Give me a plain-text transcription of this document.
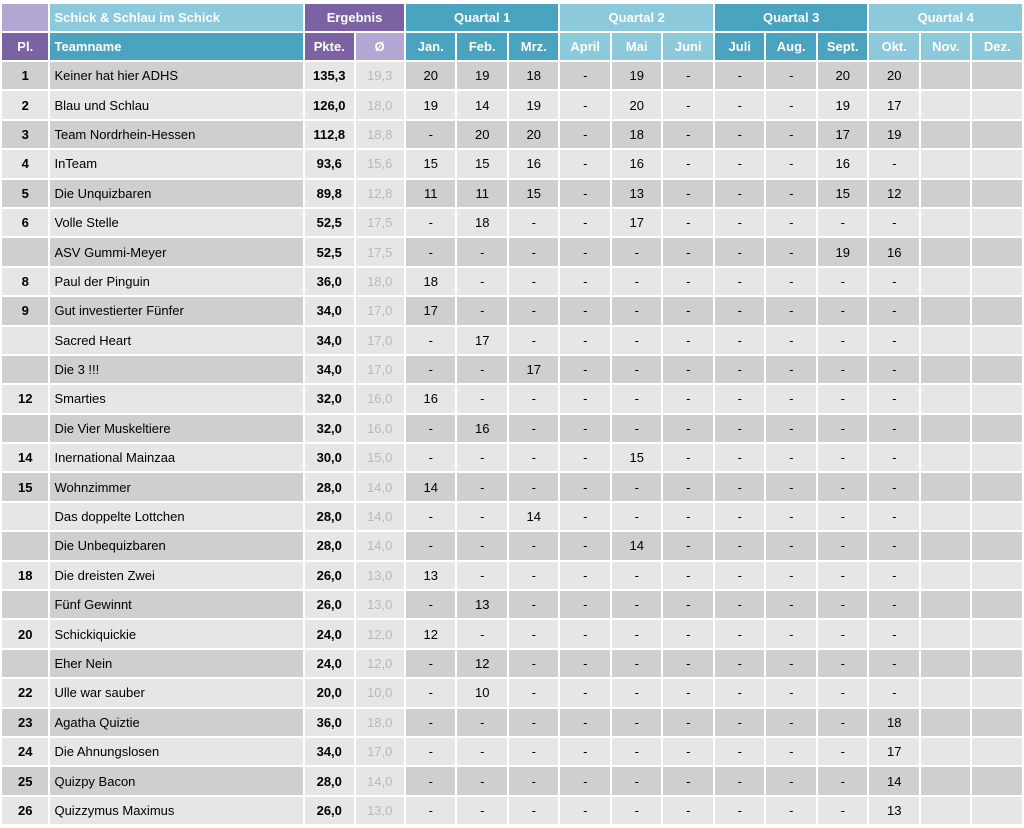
	Schick & Schlau im Schick	Ergebnis		Quartal 1			Quartal 2			Quartal 3			Quartal 4		
Pl.	Teamname	Pkte.	Ø	Jan.	Feb.	Mrz.	April	Mai	Juni	Juli	Aug.	Sept.	Okt.	Nov.	Dez.
1	Keiner hat hier ADHS	135,3	19,3	20	19	18	-	19	-	-	-	20	20		
2	Blau und Schlau	126,0	18,0	19	14	19	-	20	-	-	-	19	17		
3	Team Nordrhein-Hessen	112,8	18,8	-	20	20	-	18	-	-	-	17	19		
4	InTeam	93,6	15,6	15	15	16	-	16	-	-	-	16	-		
5	Die Unquizbaren	89,8	12,8	11	11	15	-	13	-	-	-	15	12		
6	Volle Stelle	52,5	17,5	-	18	-	-	17	-	-	-	-	-		
	ASV Gummi-Meyer	52,5	17,5	-	-	-	-	-	-	-	-	19	16		
8	Paul der Pinguin	36,0	18,0	18	-	-	-	-	-	-	-	-	-		
9	Gut investierter Fünfer	34,0	17,0	17	-	-	-	-	-	-	-	-	-		
	Sacred Heart	34,0	17,0	-	17	-	-	-	-	-	-	-	-		
	Die 3 !!!	34,0	17,0	-	-	17	-	-	-	-	-	-	-		
12	Smarties	32,0	16,0	16	-	-	-	-	-	-	-	-	-		
	Die Vier Muskeltiere	32,0	16,0	-	16	-	-	-	-	-	-	-	-		
14	Inernational Mainzaa	30,0	15,0	-	-	-	-	15	-	-	-	-	-		
15	Wohnzimmer	28,0	14,0	14	-	-	-	-	-	-	-	-	-		
	Das doppelte Lottchen	28,0	14,0	-	-	14	-	-	-	-	-	-	-		
	Die Unbequizbaren	28,0	14,0	-	-	-	-	14	-	-	-	-	-		
18	Die dreisten Zwei	26,0	13,0	13	-	-	-	-	-	-	-	-	-		
	Fünf Gewinnt	26,0	13,0	-	13	-	-	-	-	-	-	-	-		
20	Schickiquickie	24,0	12,0	12	-	-	-	-	-	-	-	-	-		
	Eher Nein	24,0	12,0	-	12	-	-	-	-	-	-	-	-		
22	Ulle war sauber	20,0	10,0	-	10	-	-	-	-	-	-	-	-		
23	Agatha Quiztie	36,0	18,0	-	-	-	-	-	-	-	-	-	18		
24	Die Ahnungslosen	34,0	17,0	-	-	-	-	-	-	-	-	-	17		
25	Quizpy Bacon	28,0	14,0	-	-	-	-	-	-	-	-	-	14		
26	Quizzymus Maximus	26,0	13,0	-	-	-	-	-	-	-	-	-	13		
